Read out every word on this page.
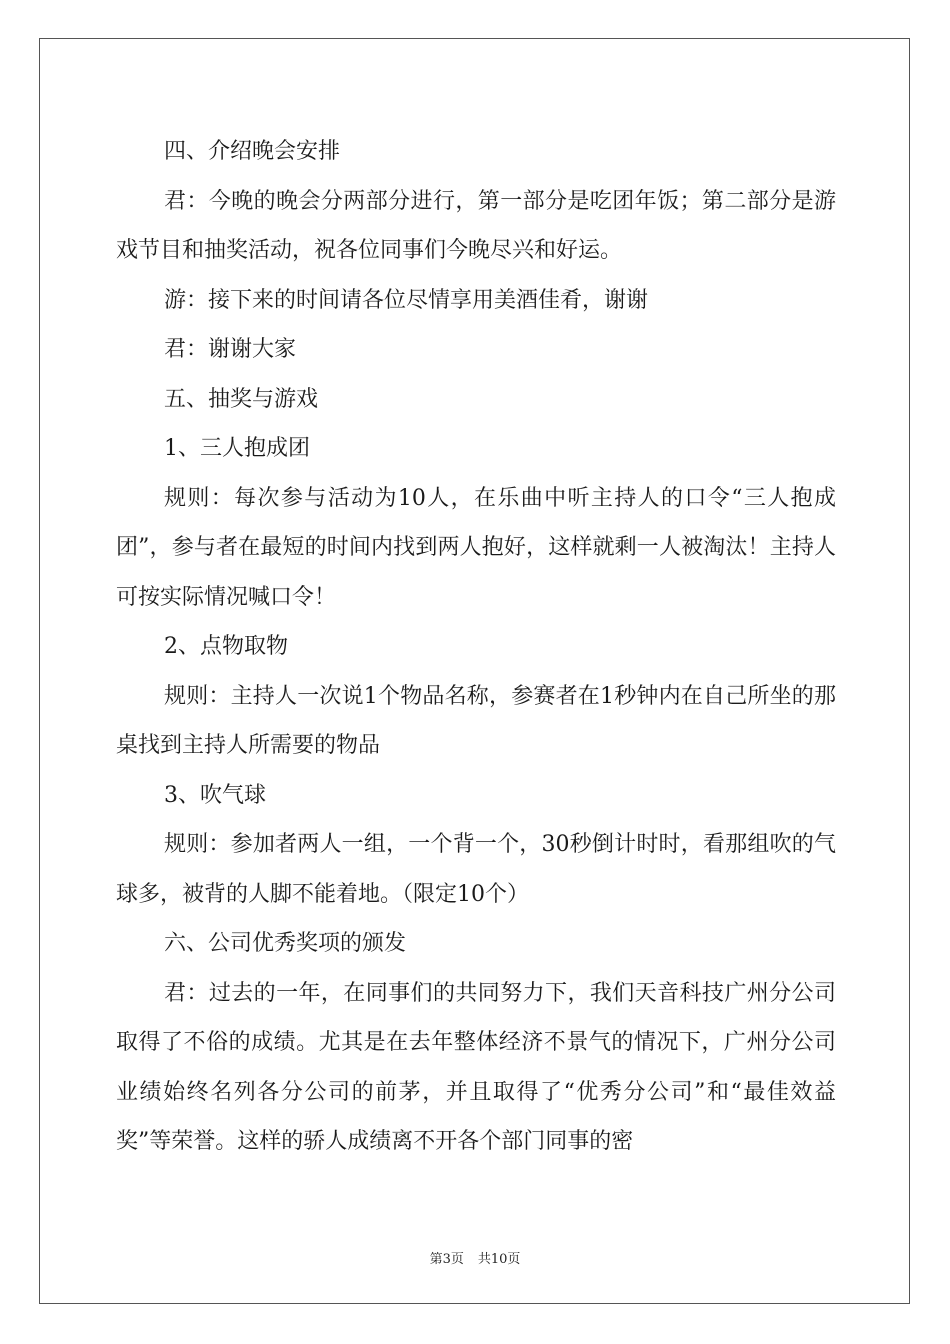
四、介绍晚会安排

君：今晚的晚会分两部分进行，第一部分是吃团年饭；第二部分是游戏节目和抽奖活动，祝各位同事们今晚尽兴和好运。

游：接下来的时间请各位尽情享用美酒佳肴，谢谢

君：谢谢大家

五、抽奖与游戏

1、三人抱成团

规则：每次参与活动为10人，在乐曲中听主持人的口令“三人抱成团”，参与者在最短的时间内找到两人抱好，这样就剩一人被淘汰！主持人可按实际情况喊口令！

2、点物取物

规则：主持人一次说1个物品名称，参赛者在1秒钟内在自己所坐的那桌找到主持人所需要的物品

3、吹气球

规则：参加者两人一组，一个背一个，30秒倒计时时，看那组吹的气球多，被背的人脚不能着地。（限定10个）

六、公司优秀奖项的颁发

君：过去的一年，在同事们的共同努力下，我们天音科技广州分公司取得了不俗的成绩。尤其是在去年整体经济不景气的情况下，广州分公司业绩始终名列各分公司的前茅，并且取得了“优秀分公司”和“最佳效益奖”等荣誉。这样的骄人成绩离不开各个部门同事的密

第3页 共10页
